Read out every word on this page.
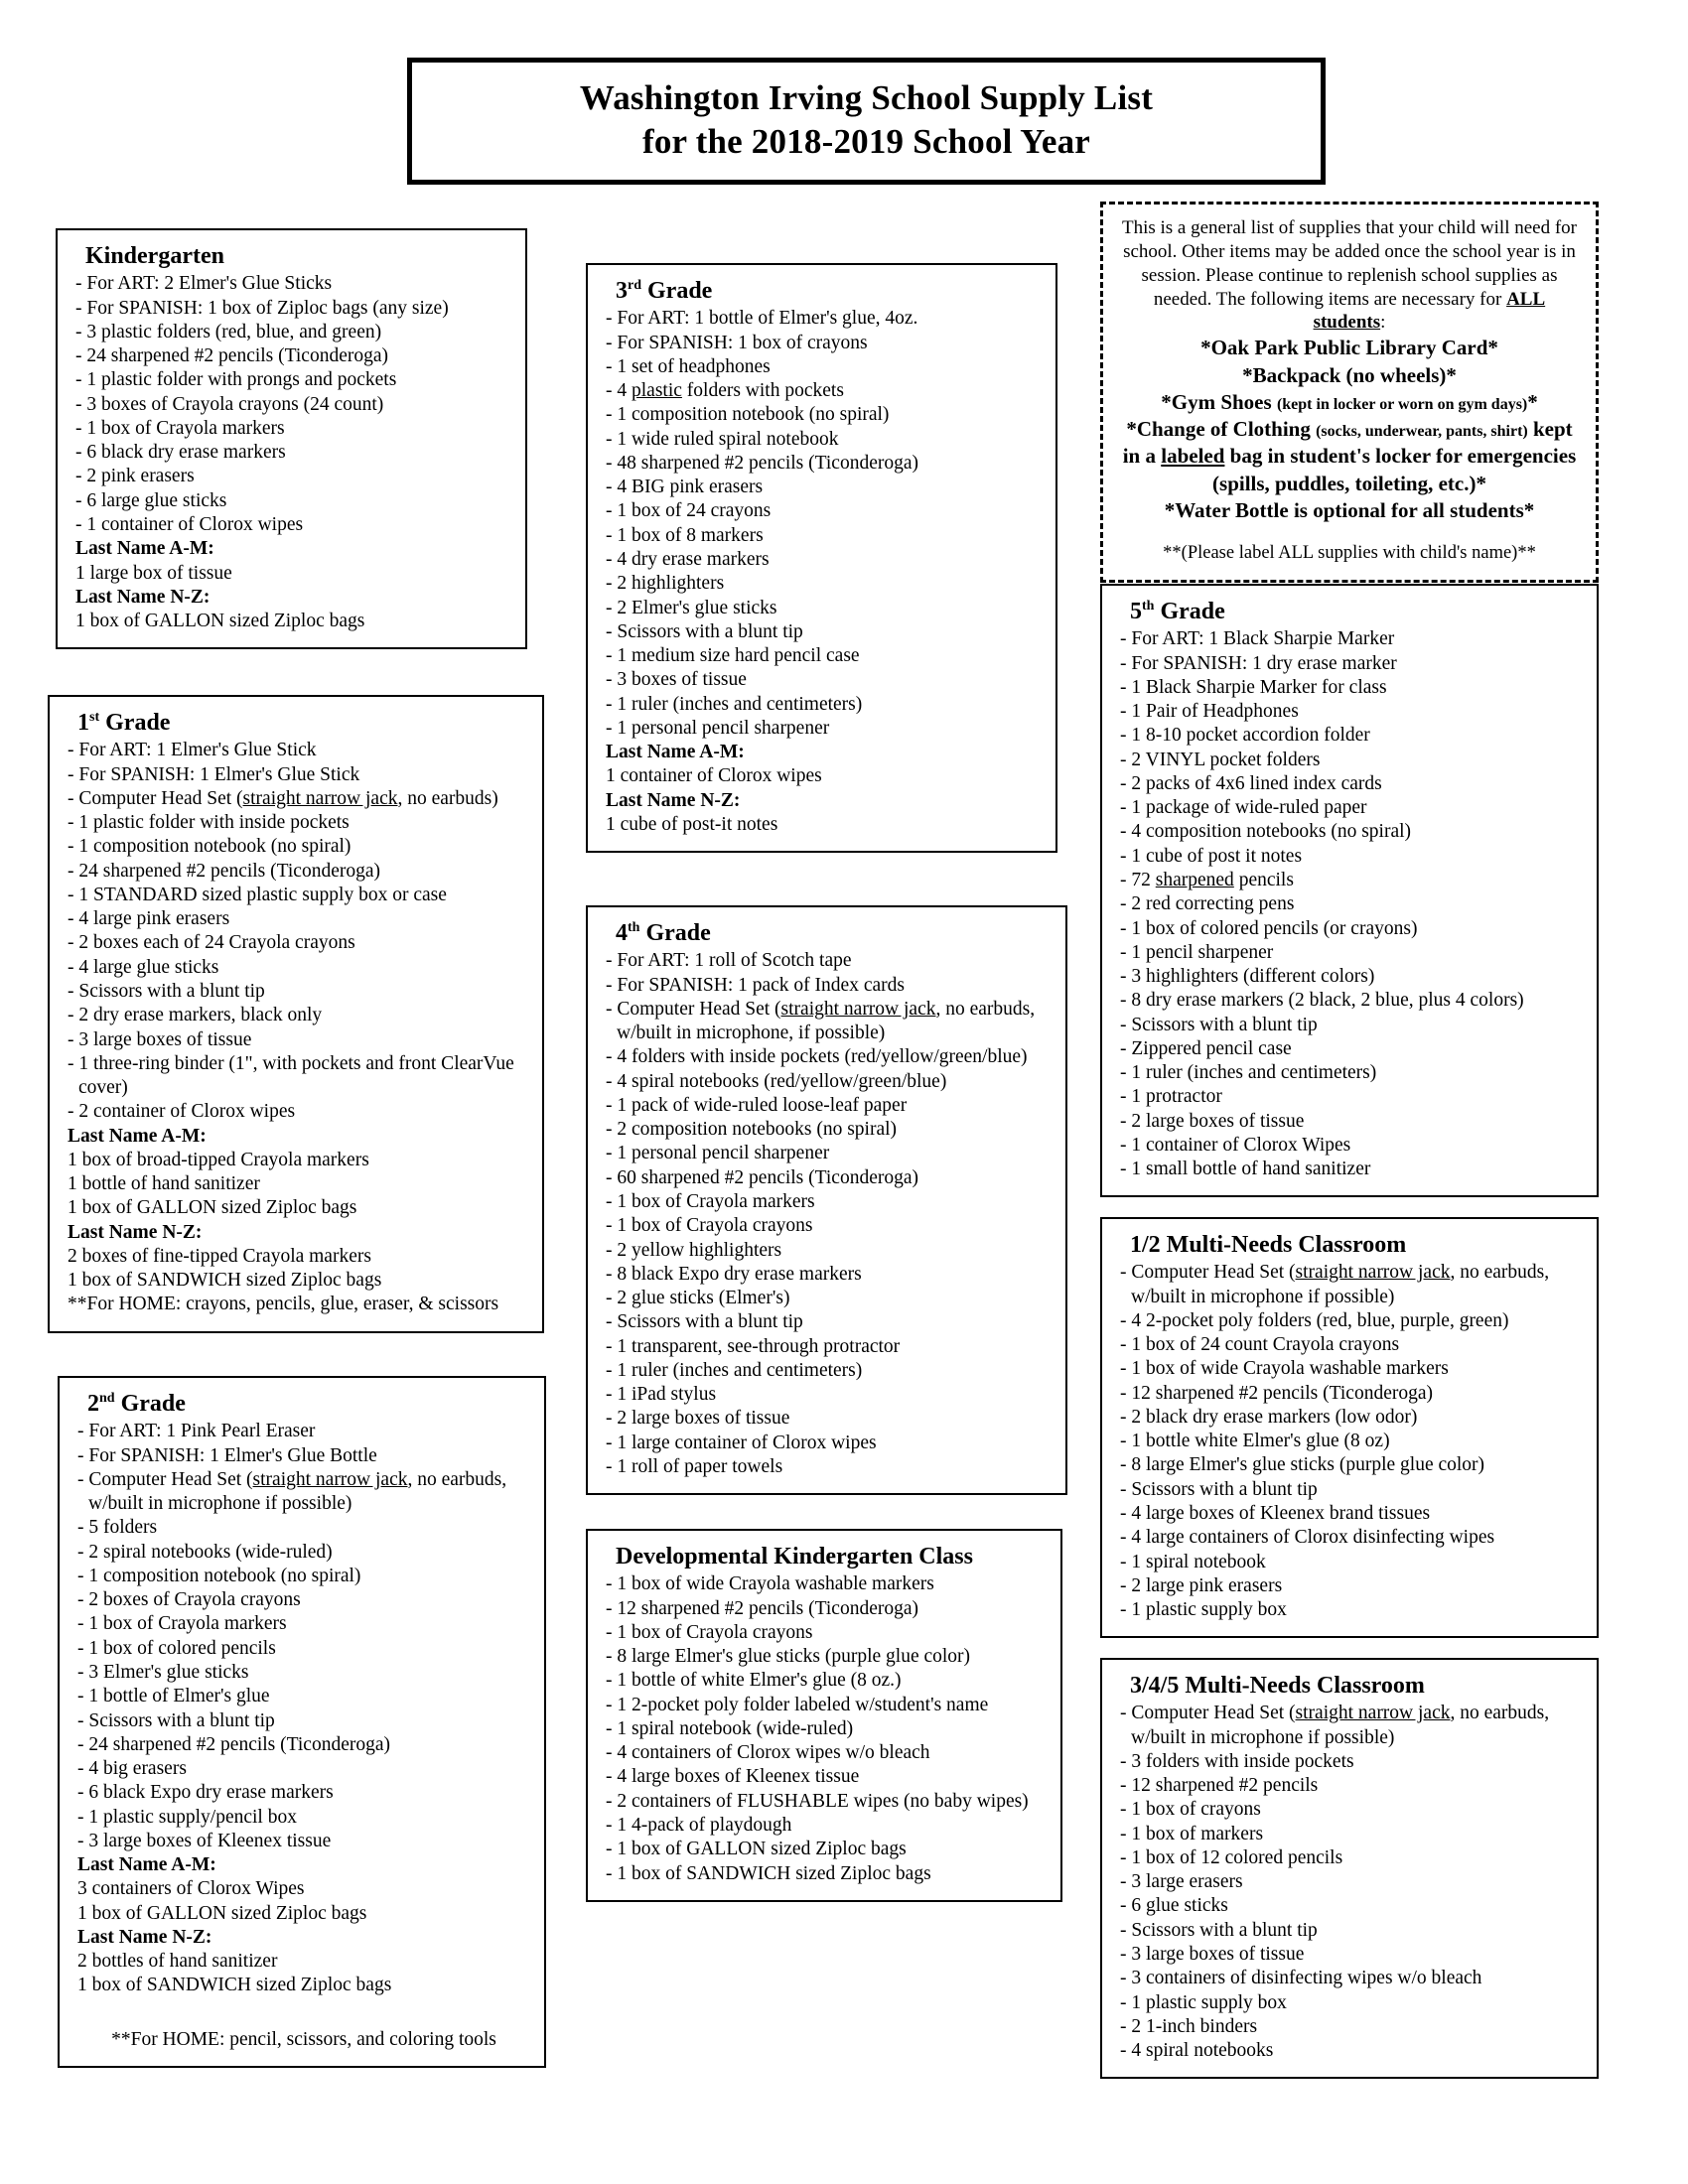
Washington Irving School Supply List
for the 2018-2019 School Year
Kindergarten
- For ART: 2 Elmer's Glue Sticks
- For SPANISH: 1 box of Ziploc bags (any size)
- 3 plastic folders (red, blue, and green)
- 24 sharpened #2 pencils (Ticonderoga)
- 1 plastic folder with prongs and pockets
- 3 boxes of Crayola crayons (24 count)
- 1 box of Crayola markers
- 6 black dry erase markers
- 2 pink erasers
- 6 large glue sticks
- 1 container of Clorox wipes
Last Name A-M:
1 large box of tissue
Last Name N-Z:
1 box of GALLON sized Ziploc bags
1st Grade
- For ART: 1 Elmer's Glue Stick
- For SPANISH: 1 Elmer's Glue Stick
- Computer Head Set (straight narrow jack, no earbuds)
- 1 plastic folder with inside pockets
- 1 composition notebook (no spiral)
- 24 sharpened #2 pencils (Ticonderoga)
- 1 STANDARD sized plastic supply box or case
- 4 large pink erasers
- 2 boxes each of 24 Crayola crayons
- 4 large glue sticks
- Scissors with a blunt tip
- 2 dry erase markers, black only
- 3 large boxes of tissue
- 1 three-ring binder (1", with pockets and front ClearVue cover)
- 2 container of Clorox wipes
Last Name A-M:
1 box of broad-tipped Crayola markers
1 bottle of hand sanitizer
1 box of GALLON sized Ziploc bags
Last Name N-Z:
2 boxes of fine-tipped Crayola markers
1 box of SANDWICH sized Ziploc bags
**For HOME: crayons, pencils, glue, eraser, & scissors
2nd Grade
- For ART: 1 Pink Pearl Eraser
- For SPANISH: 1 Elmer's Glue Bottle
- Computer Head Set (straight narrow jack, no earbuds, w/built in microphone if possible)
- 5 folders
- 2 spiral notebooks (wide-ruled)
- 1 composition notebook (no spiral)
- 2 boxes of Crayola crayons
- 1 box of Crayola markers
- 1 box of colored pencils
- 3 Elmer's glue sticks
- 1 bottle of Elmer's glue
- Scissors with a blunt tip
- 24 sharpened #2 pencils (Ticonderoga)
- 4 big erasers
- 6 black Expo dry erase markers
- 1 plastic supply/pencil box
- 3 large boxes of Kleenex tissue
Last Name A-M:
3 containers of Clorox Wipes
1 box of GALLON sized Ziploc bags
Last Name N-Z:
2 bottles of hand sanitizer
1 box of SANDWICH sized Ziploc bags
**For HOME: pencil, scissors, and coloring tools
3rd Grade
- For ART: 1 bottle of Elmer's glue, 4oz.
- For SPANISH: 1 box of crayons
- 1 set of headphones
- 4 plastic folders with pockets
- 1 composition notebook (no spiral)
- 1 wide ruled spiral notebook
- 48 sharpened #2 pencils (Ticonderoga)
- 4 BIG pink erasers
- 1 box of 24 crayons
- 1 box of 8 markers
- 4 dry erase markers
- 2 highlighters
- 2 Elmer's glue sticks
- Scissors with a blunt tip
- 1 medium size hard pencil case
- 3 boxes of tissue
- 1 ruler (inches and centimeters)
- 1 personal pencil sharpener
Last Name A-M:
1 container of Clorox wipes
Last Name N-Z:
1 cube of post-it notes
4th Grade
- For ART: 1 roll of Scotch tape
- For SPANISH: 1 pack of Index cards
- Computer Head Set (straight narrow jack, no earbuds, w/built in microphone, if possible)
- 4 folders with inside pockets (red/yellow/green/blue)
- 4 spiral notebooks (red/yellow/green/blue)
- 1 pack of wide-ruled loose-leaf paper
- 2 composition notebooks (no spiral)
- 1 personal pencil sharpener
- 60 sharpened #2 pencils (Ticonderoga)
- 1 box of Crayola markers
- 1 box of Crayola crayons
- 2 yellow highlighters
- 8 black Expo dry erase markers
- 2 glue sticks (Elmer's)
- Scissors with a blunt tip
- 1 transparent, see-through protractor
- 1 ruler (inches and centimeters)
- 1 iPad stylus
- 2 large boxes of tissue
- 1 large container of Clorox wipes
- 1 roll of paper towels
Developmental Kindergarten Class
- 1 box of wide Crayola washable markers
- 12 sharpened #2 pencils (Ticonderoga)
- 1 box of Crayola crayons
- 8 large Elmer's glue sticks (purple glue color)
- 1 bottle of white Elmer's glue (8 oz.)
- 1 2-pocket poly folder labeled w/student's name
- 1 spiral notebook (wide-ruled)
- 4 containers of Clorox wipes w/o bleach
- 4 large boxes of Kleenex tissue
- 2 containers of FLUSHABLE wipes (no baby wipes)
- 1 4-pack of playdough
- 1 box of GALLON sized Ziploc bags
- 1 box of SANDWICH sized Ziploc bags

This is a general list of supplies that your child will need for school. Other items may be added once the school year is in session. Please continue to replenish school supplies as needed. The following items are necessary for ALL students:

*Oak Park Public Library Card*

*Backpack (no wheels)*

*Gym Shoes (kept in locker or worn on gym days)*

*Change of Clothing (socks, underwear, pants, shirt) kept in a labeled bag in student's locker for emergencies (spills, puddles, toileting, etc.)*

*Water Bottle is optional for all students*

**(Please label ALL supplies with child's name)**

5th Grade
- For ART: 1 Black Sharpie Marker
- For SPANISH: 1 dry erase marker
- 1 Black Sharpie Marker for class
- 1 Pair of Headphones
- 1 8-10 pocket accordion folder
- 2 VINYL pocket folders
- 2 packs of 4x6 lined index cards
- 1 package of wide-ruled paper
- 4 composition notebooks (no spiral)
- 1 cube of post it notes
- 72 sharpened pencils
- 2 red correcting pens
- 1 box of colored pencils (or crayons)
- 1 pencil sharpener
- 3 highlighters (different colors)
- 8 dry erase markers (2 black, 2 blue, plus 4 colors)
- Scissors with a blunt tip
- Zippered pencil case
- 1 ruler (inches and centimeters)
- 1 protractor
- 2 large boxes of tissue
- 1 container of Clorox Wipes
- 1 small bottle of hand sanitizer
1/2 Multi-Needs Classroom
- Computer Head Set (straight narrow jack, no earbuds, w/built in microphone if possible)
- 4 2-pocket poly folders (red, blue, purple, green)
- 1 box of 24 count Crayola crayons
- 1 box of wide Crayola washable markers
- 12 sharpened #2 pencils (Ticonderoga)
- 2 black dry erase markers (low odor)
- 1 bottle white Elmer's glue (8 oz)
- 8 large Elmer's glue sticks (purple glue color)
- Scissors with a blunt tip
- 4 large boxes of Kleenex brand tissues
- 4 large containers of Clorox disinfecting wipes
- 1 spiral notebook
- 2 large pink erasers
- 1 plastic supply box
3/4/5 Multi-Needs Classroom
- Computer Head Set (straight narrow jack, no earbuds, w/built in microphone if possible)
- 3 folders with inside pockets
- 12 sharpened #2 pencils
- 1 box of crayons
- 1 box of markers
- 1 box of 12 colored pencils
- 3 large erasers
- 6 glue sticks
- Scissors with a blunt tip
- 3 large boxes of tissue
- 3 containers of disinfecting wipes w/o bleach
- 1 plastic supply box
- 2 1-inch binders
- 4 spiral notebooks
